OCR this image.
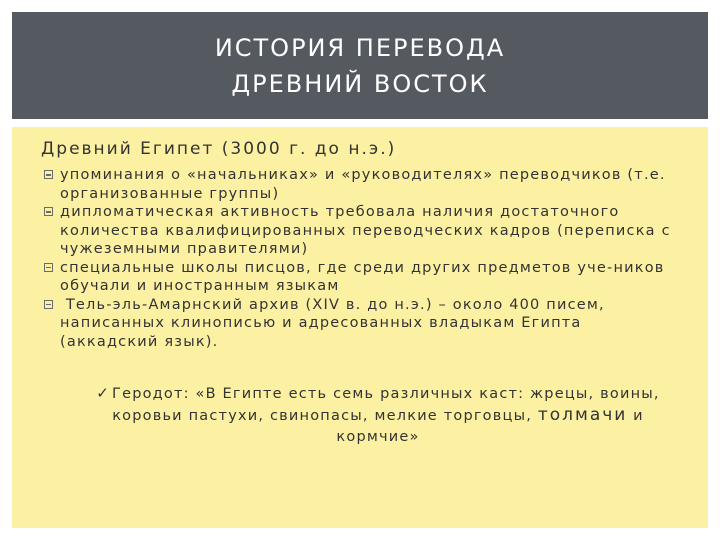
ИСТОРИЯ ПЕРЕВОДА
ДРЕВНИЙ ВОСТОК
Древний Египет (3000 г. до н.э.)
упоминания о «начальниках» и «руководителях» переводчиков (т.е. организованные группы)
дипломатическая активность требовала наличия достаточного количества квалифицированных переводческих кадров (переписка с чужеземными правителями)
специальные школы писцов, где среди других предметов уче-ников обучали и иностранным языкам
Тель-эль-Амарнский архив (XIV в. до н.э.) – около 400 писем, написанных клинописью и адресованных владыкам Египта (аккадский язык).
✓ Геродот: «В Египте есть семь различных каст: жрецы, воины, коровьи пастухи, свинопасы, мелкие торговцы, толмачи и кормчие»
